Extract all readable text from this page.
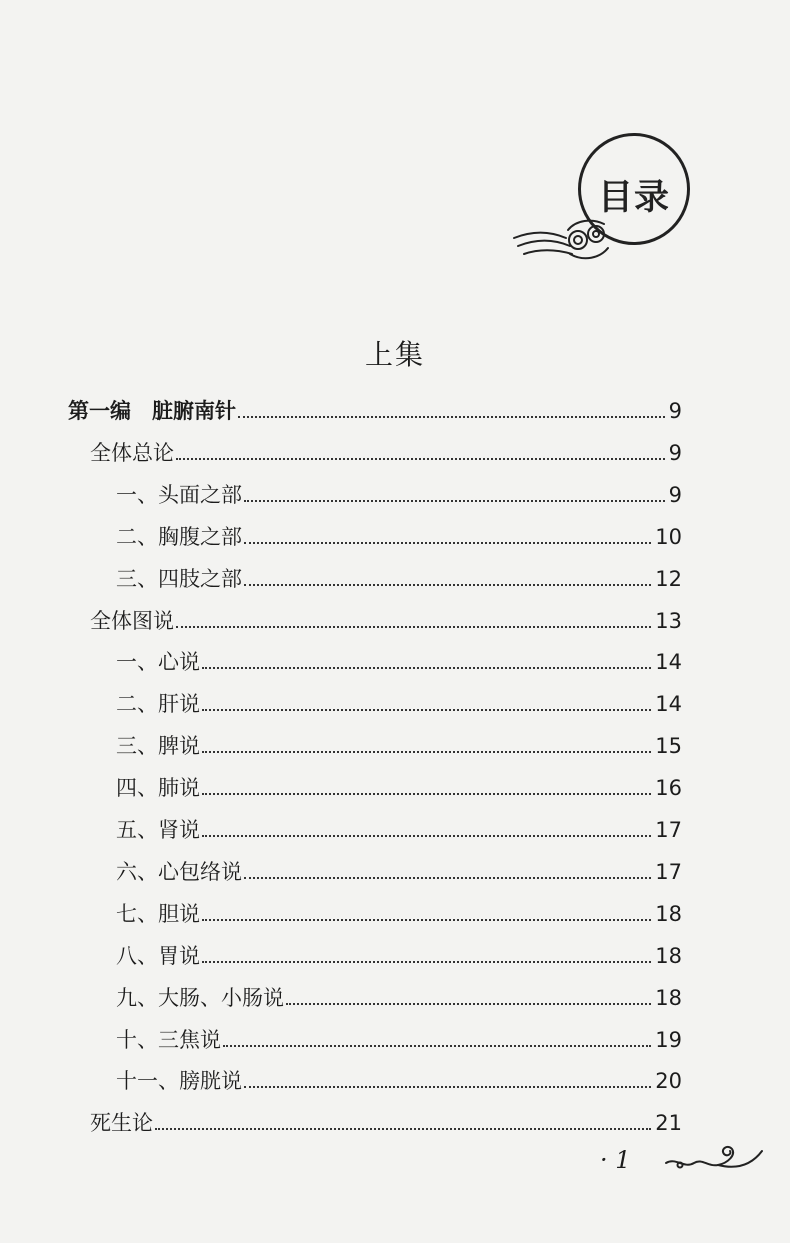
目录
上集
第一编　脏腑南针	9
全体总论	9
一、头面之部	9
二、胸腹之部	10
三、四肢之部	12
全体图说	13
一、心说	14
二、肝说	14
三、脾说	15
四、肺说	16
五、肾说	17
六、心包络说	17
七、胆说	18
八、胃说	18
九、大肠、小肠说	18
十、三焦说	19
十一、膀胱说	20
死生论	21
· 1
